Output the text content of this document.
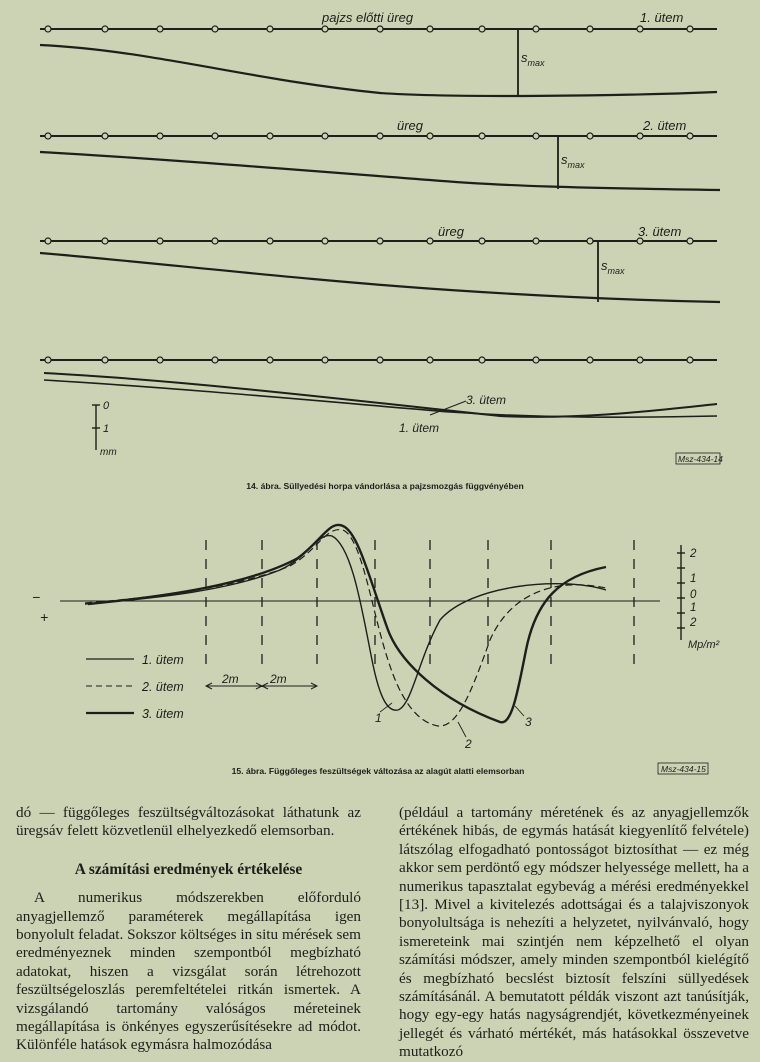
pajzs előtti üreg	1. ütem
$s_{max}$
üreg	2. ütem
$s_{max}$
üreg	3. ütem
$s_{max}$
3. ütem
1. ütem
0
1
mm
Msz-434-14
14. ábra. Süllyedési horpa vándorlása a pajzsmozgás függvényében
−
+
1. ütem
2. ütem
3. ütem
2m	2m
2
1
0
1
2
Mp/m²
1
2
3
Msz-434-15
15. ábra. Függőleges feszültségek változása az alagút alatti elemsorban

dó — függőleges feszültségváltozásokat láthatunk az üregsáv felett közvetlenül elhelyezkedő elemsorban.

A számítási eredmények értékelése

A numerikus módszerekben előforduló anyagjellemző paraméterek megállapítása igen bonyolult feladat. Sokszor költséges in situ mérések sem eredményeznek minden szempontból megbízható adatokat, hiszen a vizsgálat során létrehozott feszültségeloszlás peremfeltételei ritkán ismertek. A vizsgálandó tartomány valóságos méreteinek megállapítása is önkényes egyszerűsítésekre ad módot. Különféle hatások egymásra halmozódása

(például a tartomány méretének és az anyagjellemzők értékének hibás, de egymás hatását kiegyenlítő felvétele) látszólag elfogadható pontosságot biztosíthat — ez még akkor sem perdöntő egy módszer helyessége mellett, ha a numerikus tapasztalat egybevág a mérési eredményekkel [13]. Mivel a kivitelezés adottságai és a talajviszonyok bonyolultsága is nehezíti a helyzetet, nyilvánvaló, hogy ismereteink mai szintjén nem képzelhető el olyan számítási módszer, amely minden szempontból kielégítő és megbízható becslést biztosít felszíni süllyedések számításánál. A bemutatott példák viszont azt tanúsítják, hogy egy-egy hatás nagyságrendjét, következményeinek jellegét és várható mértékét, más hatásokkal összevetve mutatkozó
